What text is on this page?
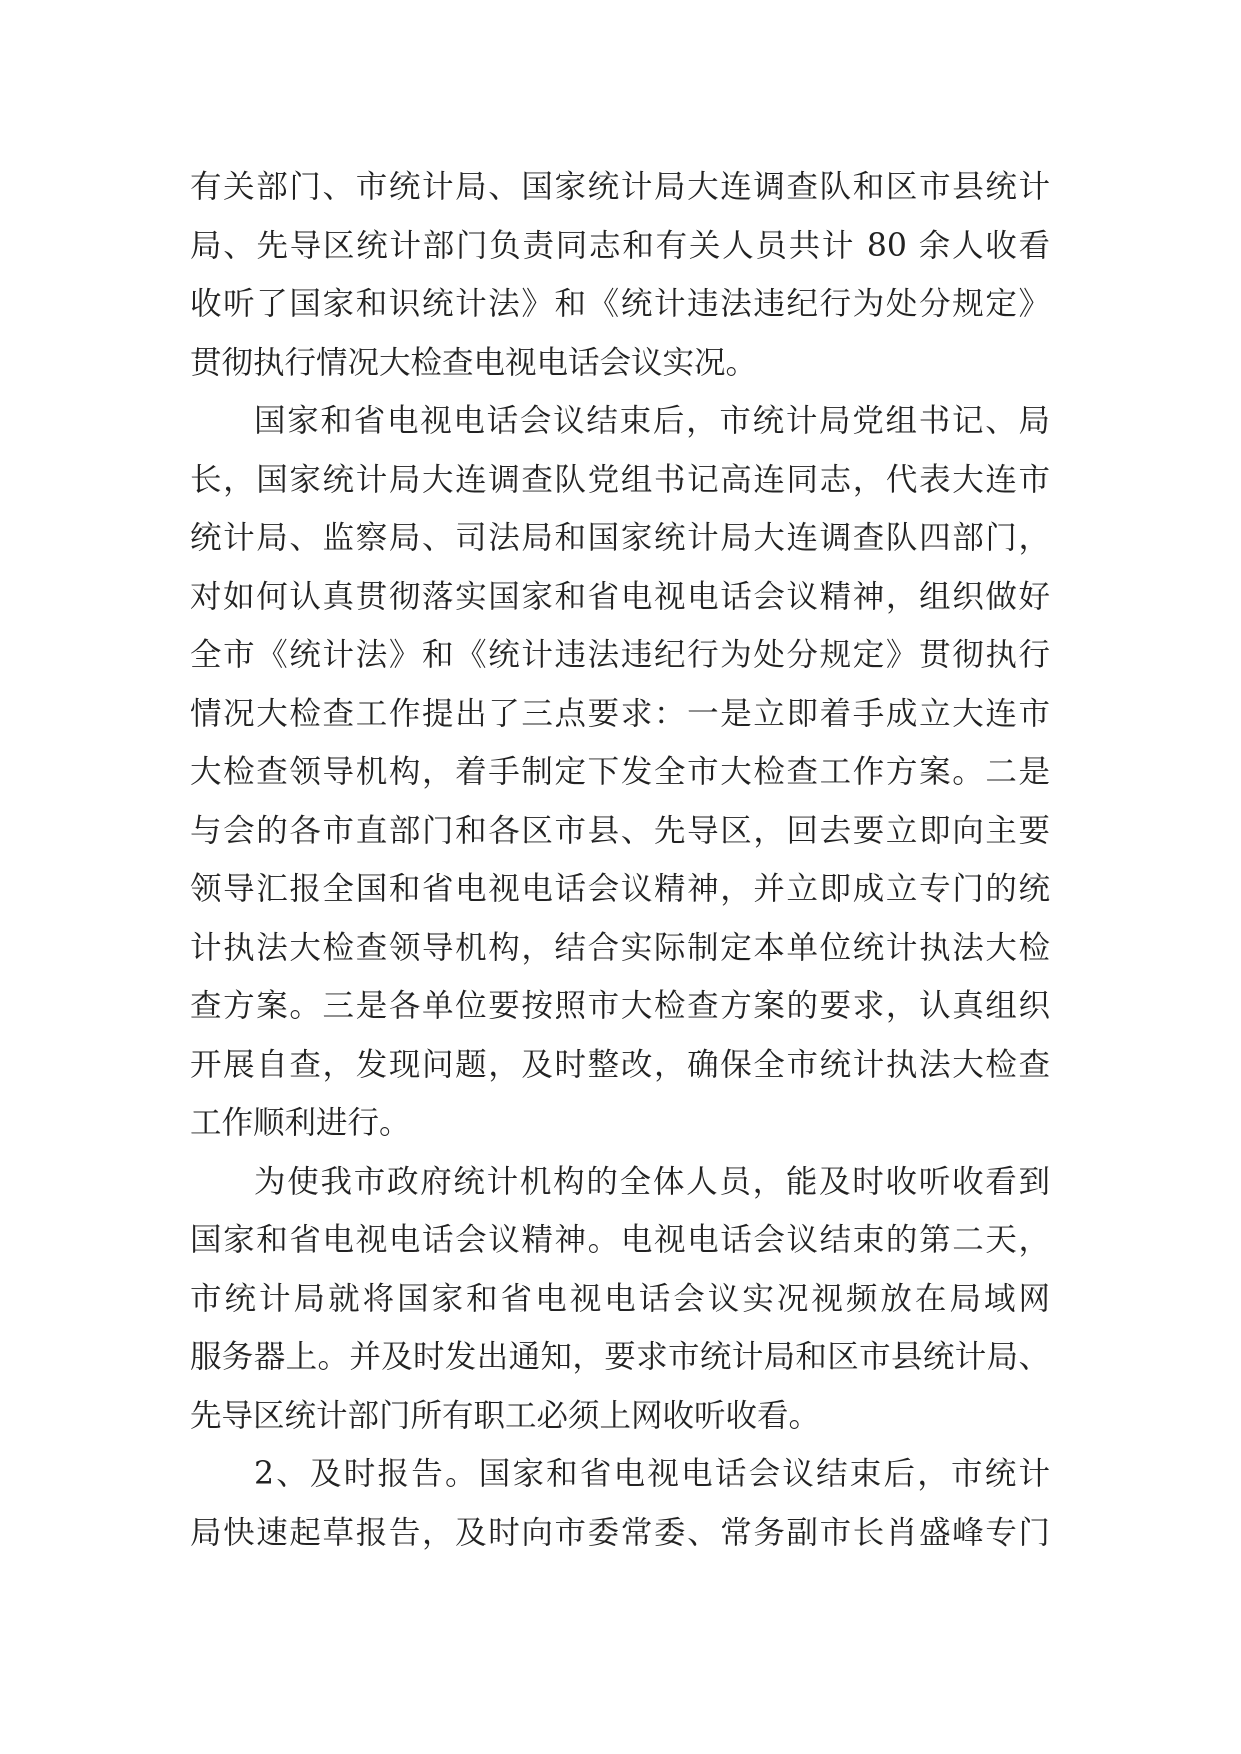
有关部门、市统计局、国家统计局大连调查队和区市县统计
局、先导区统计部门负责同志和有关人员共计 80 余人收看
收听了国家和识统计法》和《统计违法违纪行为处分规定》
贯彻执行情况大检查电视电话会议实况。
国家和省电视电话会议结束后，市统计局党组书记、局
长，国家统计局大连调查队党组书记高连同志，代表大连市
统计局、监察局、司法局和国家统计局大连调查队四部门，
对如何认真贯彻落实国家和省电视电话会议精神，组织做好
全市《统计法》和《统计违法违纪行为处分规定》贯彻执行
情况大检查工作提出了三点要求：一是立即着手成立大连市
大检查领导机构，着手制定下发全市大检查工作方案。二是
与会的各市直部门和各区市县、先导区，回去要立即向主要
领导汇报全国和省电视电话会议精神，并立即成立专门的统
计执法大检查领导机构，结合实际制定本单位统计执法大检
查方案。三是各单位要按照市大检查方案的要求，认真组织
开展自查，发现问题，及时整改，确保全市统计执法大检查
工作顺利进行。
为使我市政府统计机构的全体人员，能及时收听收看到
国家和省电视电话会议精神。电视电话会议结束的第二天，
市统计局就将国家和省电视电话会议实况视频放在局域网
服务器上。并及时发出通知，要求市统计局和区市县统计局、
先导区统计部门所有职工必须上网收听收看。
2、及时报告。国家和省电视电话会议结束后，市统计
局快速起草报告，及时向市委常委、常务副市长肖盛峰专门
